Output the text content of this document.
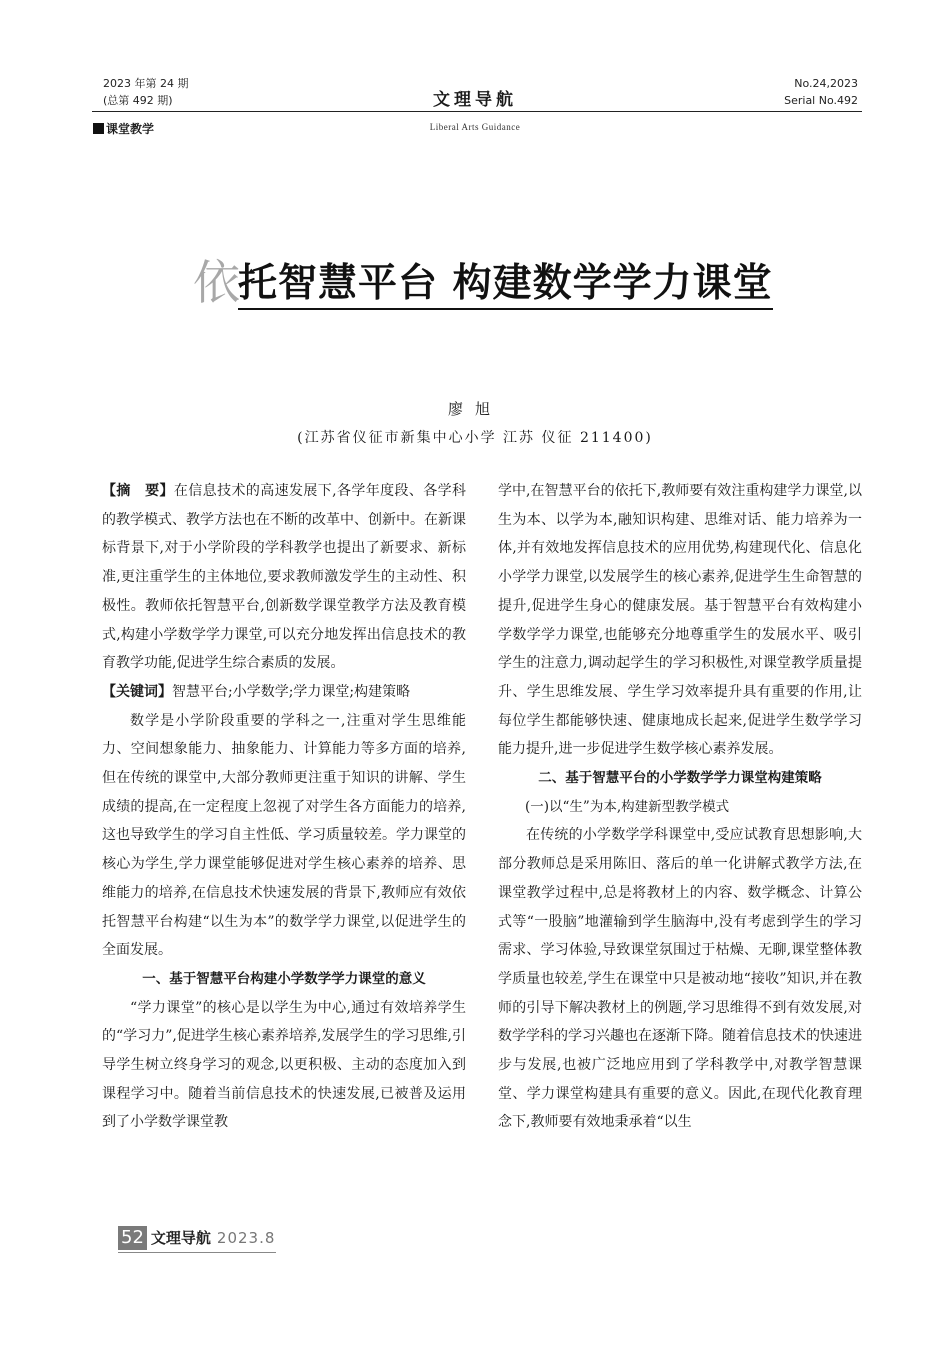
2023 年第 24 期
(总第 492 期)	文理导航
No.24,2023
Serial No.492
课堂教学	Liberal Arts Guidance
依托智慧平台 构建数学学力课堂
廖旭
(江苏省仪征市新集中心小学 江苏 仪征 211400)

【摘　要】在信息技术的高速发展下,各学年度段、各学科的教学模式、教学方法也在不断的改革中、创新中。在新课标背景下,对于小学阶段的学科教学也提出了新要求、新标准,更注重学生的主体地位,要求教师激发学生的主动性、积极性。教师依托智慧平台,创新数学课堂教学方法及教育模式,构建小学数学学力课堂,可以充分地发挥出信息技术的教育教学功能,促进学生综合素质的发展。

【关键词】智慧平台;小学数学;学力课堂;构建策略

数学是小学阶段重要的学科之一,注重对学生思维能力、空间想象能力、抽象能力、计算能力等多方面的培养,但在传统的课堂中,大部分教师更注重于知识的讲解、学生成绩的提高,在一定程度上忽视了对学生各方面能力的培养,这也导致学生的学习自主性低、学习质量较差。学力课堂的核心为学生,学力课堂能够促进对学生核心素养的培养、思维能力的培养,在信息技术快速发展的背景下,教师应有效依托智慧平台构建“以生为本”的数学学力课堂,以促进学生的全面发展。

一、基于智慧平台构建小学数学学力课堂的意义

“学力课堂”的核心是以学生为中心,通过有效培养学生的“学习力”,促进学生核心素养培养,发展学生的学习思维,引导学生树立终身学习的观念,以更积极、主动的态度加入到课程学习中。随着当前信息技术的快速发展,已被普及运用到了小学数学课堂教

学中,在智慧平台的依托下,教师要有效注重构建学力课堂,以生为本、以学为本,融知识构建、思维对话、能力培养为一体,并有效地发挥信息技术的应用优势,构建现代化、信息化小学学力课堂,以发展学生的核心素养,促进学生生命智慧的提升,促进学生身心的健康发展。基于智慧平台有效构建小学数学学力课堂,也能够充分地尊重学生的发展水平、吸引学生的注意力,调动起学生的学习积极性,对课堂教学质量提升、学生思维发展、学生学习效率提升具有重要的作用,让每位学生都能够快速、健康地成长起来,促进学生数学学习能力提升,进一步促进学生数学核心素养发展。

二、基于智慧平台的小学数学学力课堂构建策略

(一)以“生”为本,构建新型教学模式

在传统的小学数学学科课堂中,受应试教育思想影响,大部分教师总是采用陈旧、落后的单一化讲解式教学方法,在课堂教学过程中,总是将教材上的内容、数学概念、计算公式等“一股脑”地灌输到学生脑海中,没有考虑到学生的学习需求、学习体验,导致课堂氛围过于枯燥、无聊,课堂整体教学质量也较差,学生在课堂中只是被动地“接收”知识,并在教师的引导下解决教材上的例题,学习思维得不到有效发展,对数学学科的学习兴趣也在逐渐下降。随着信息技术的快速进步与发展,也被广泛地应用到了学科教学中,对教学智慧课堂、学力课堂构建具有重要的意义。因此,在现代化教育理念下,教师要有效地秉承着“以生

52 文理导航 2023.8
